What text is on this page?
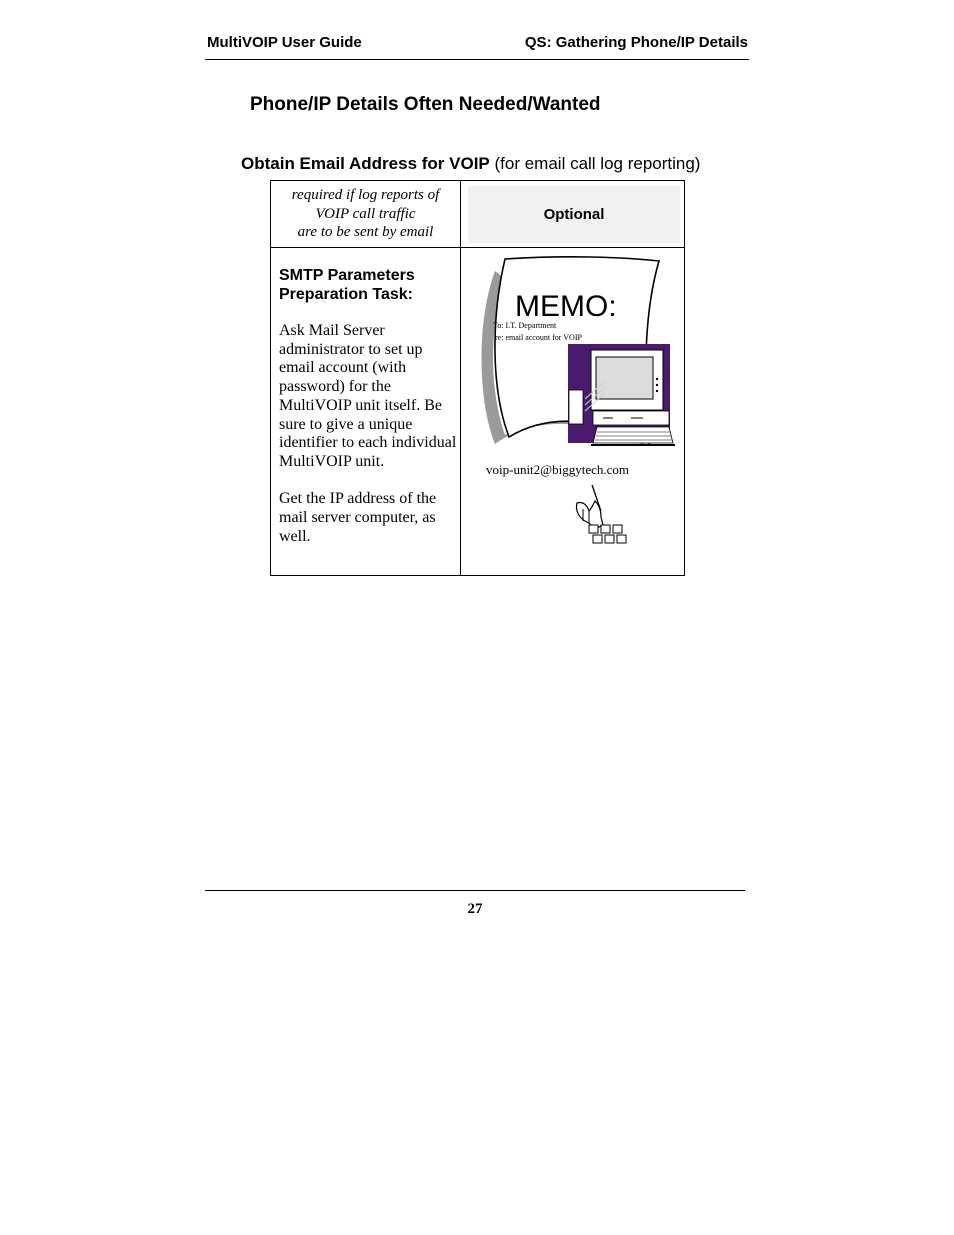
MultiVOIP User Guide	QS: Gathering Phone/IP Details
Phone/IP Details Often Needed/Wanted
Obtain Email Address for VOIP (for email call log reporting)
required if log reports of
VOIP call traffic
are to be sent by email
Optional
SMTP Parameters Preparation Task:

Ask Mail Server administrator to set up email account (with password) for the MultiVOIP unit itself. Be sure to give a unique identifier to each individual MultiVOIP unit.

Get the IP address of the mail server computer, as well.

MEMO:
To: I.T. Department
re: email account for VOIP
voip-unit2@biggytech.com
27
